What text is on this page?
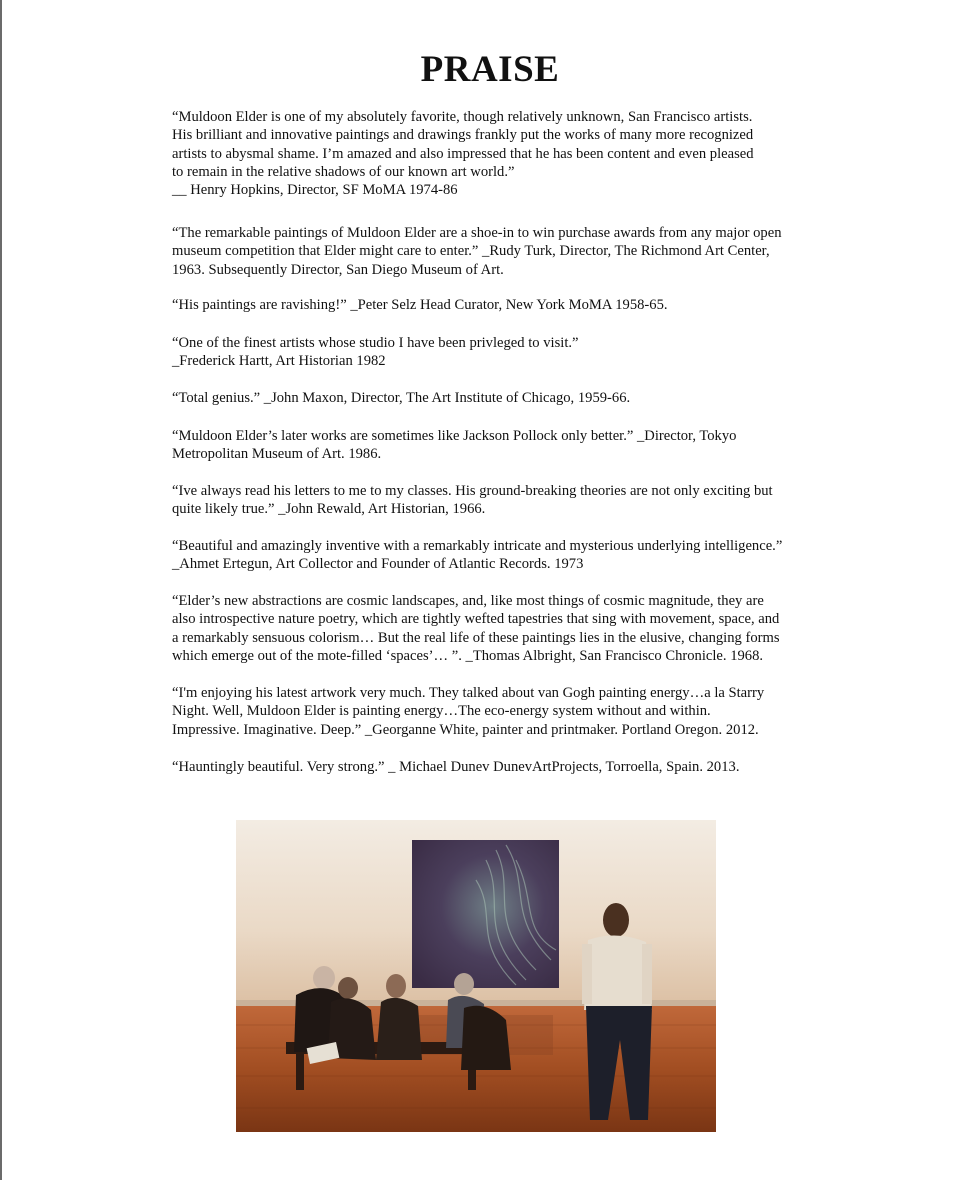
PRAISE

“Muldoon Elder is one of my absolutely favorite, though relatively unknown, San Francisco artists.
His brilliant and innovative paintings and drawings frankly put the works of many more recognized
artists to abysmal shame. I’m amazed and also impressed that he has been content and even pleased
to remain in the relative shadows of our known art world.”
__ Henry Hopkins, Director, SF MoMA 1974-86

“The remarkable paintings of Muldoon Elder are a shoe-in to win purchase awards from any major open
museum competition that Elder might care to enter.” _Rudy Turk, Director, The Richmond Art Center,
1963. Subsequently Director, San Diego Museum of Art.

“His paintings are ravishing!” _Peter Selz Head Curator, New York MoMA 1958-65.

“One of the finest artists whose studio I have been privleged to visit.”
_Frederick Hartt, Art Historian 1982

“Total genius.” _John Maxon, Director, The Art Institute of Chicago, 1959-66.

“Muldoon Elder’s later works are sometimes like Jackson Pollock only better.” _Director, Tokyo
Metropolitan Museum of Art. 1986.

“Ive always read his letters to me to my classes. His ground-breaking theories are not only exciting but
quite likely true.” _John Rewald, Art Historian, 1966.

“Beautiful and amazingly inventive with a remarkably intricate and mysterious underlying intelligence.”
_Ahmet Ertegun, Art Collector and Founder of Atlantic Records. 1973

“Elder’s new abstractions are cosmic landscapes, and, like most things of cosmic magnitude, they are
also introspective nature poetry, which are tightly wefted tapestries that sing with movement, space, and
a remarkably sensuous colorism… But the real life of these paintings lies in the elusive, changing forms
which emerge out of the mote-filled ‘spaces’… ”. _Thomas Albright, San Francisco Chronicle. 1968.

“I'm enjoying his latest artwork very much. They talked about van Gogh painting energy…a la Starry
Night. Well, Muldoon Elder is painting energy…The eco-energy system without and within.
Impressive. Imaginative. Deep.” _Georganne White, painter and printmaker. Portland Oregon. 2012.

“Hauntingly beautiful. Very strong.” _ Michael Dunev DunevArtProjects, Torroella, Spain. 2013.
